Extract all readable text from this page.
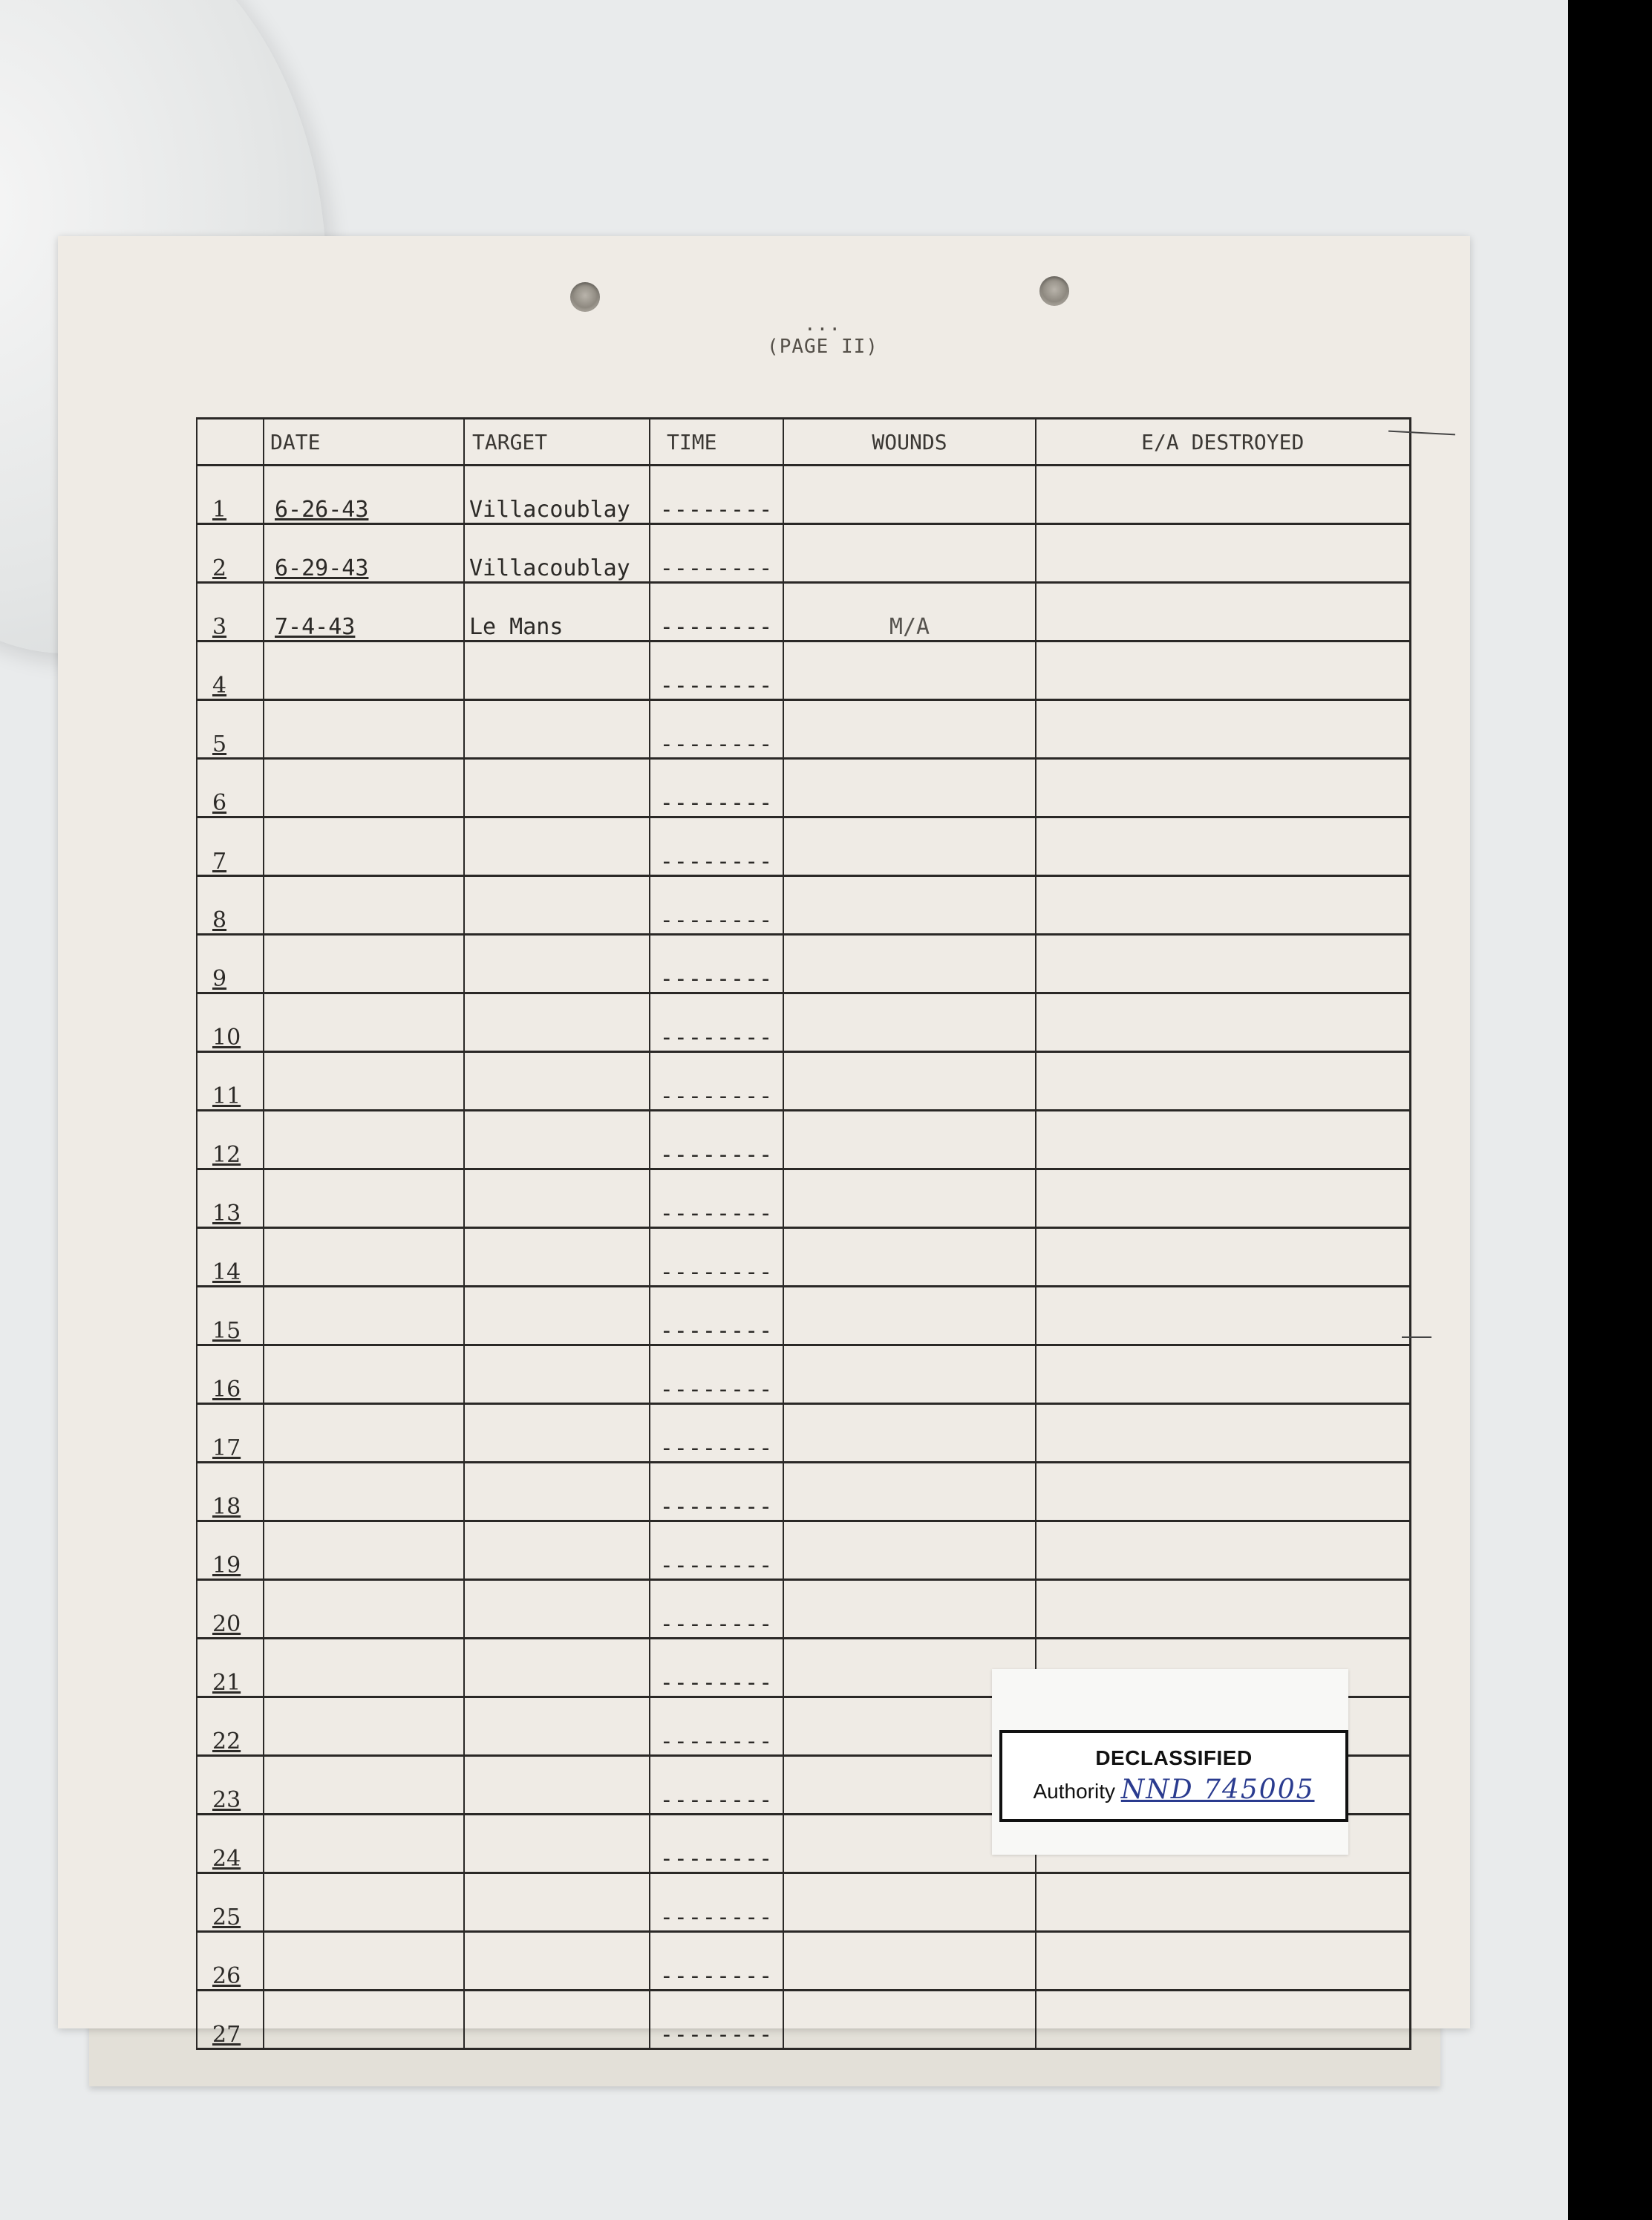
...
(PAGE II)
	DATE	TARGET	TIME	WOUNDS	E/A DESTROYED
1	6-26-43	Villacoublay	--------		
2	6-29-43	Villacoublay	--------		
3	7-4-43	Le Mans	--------	M/A	
4			--------		
5			--------		
6			--------		
7			--------		
8			--------		
9			--------		
10			--------		
11			--------		
12			--------		
13			--------		
14			--------		
15			--------		
16			--------		
17			--------		
18			--------		
19			--------		
20			--------		
21			--------		
22			--------		
23			--------		
24			--------		
25			--------		
26			--------		
27			--------		
DECLASSIFIED
Authority NND 745005
